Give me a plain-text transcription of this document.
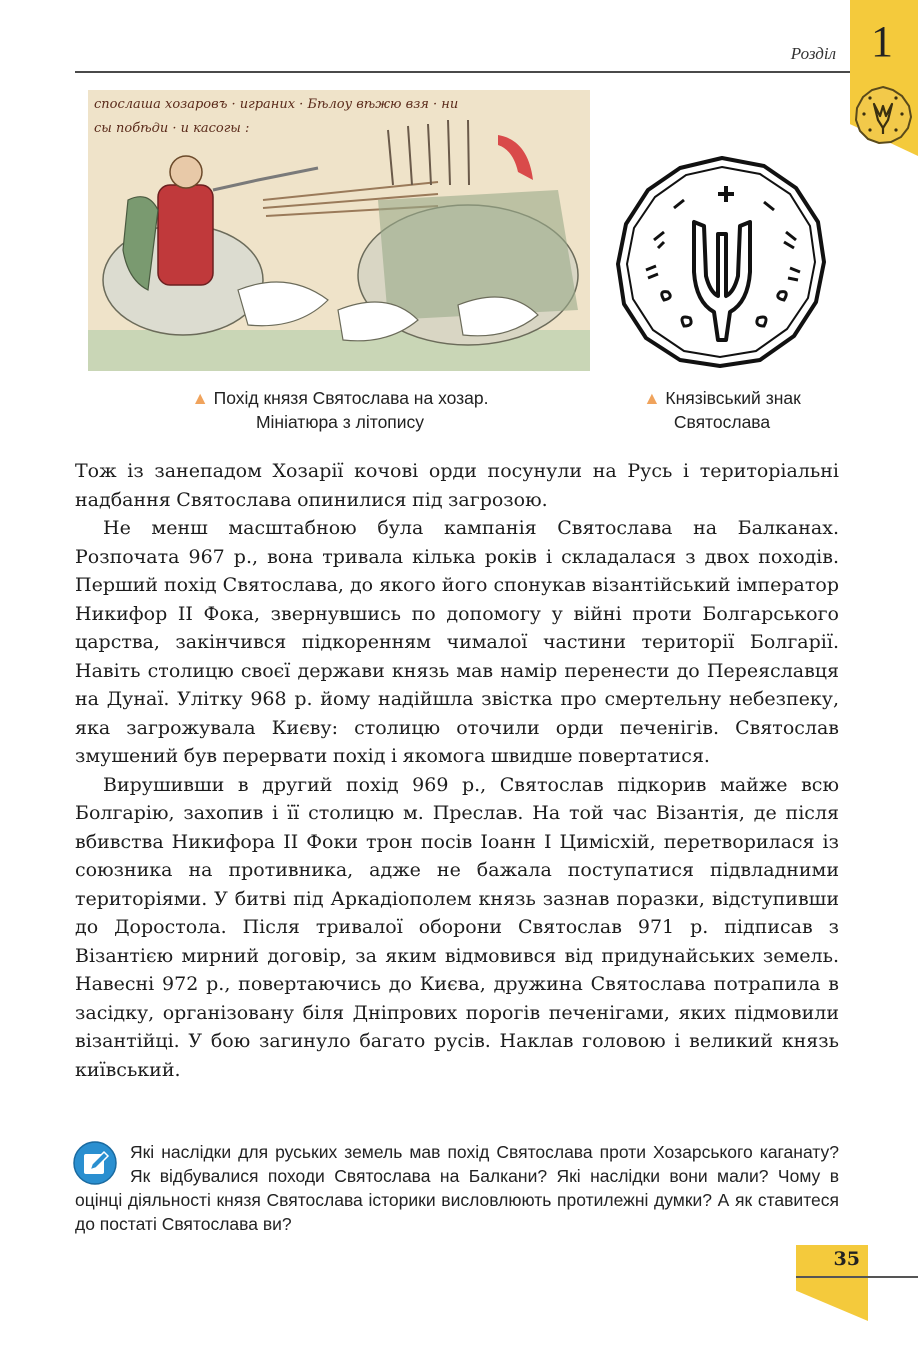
Розділ 1
спослаша хозаровъ · играних · Бѣлоу вѣжю взя · ни
сы побѣди · и касогы :
▲ Похід князя Святослава на хозар.
Мініатюра з літопису
▲ Князівський знак
Святослава

Тож із занепадом Хозарії кочові орди посунули на Русь і територіальні надбання Святослава опинилися під загрозою.

Не менш масштабною була кампанія Святослава на Балканах. Розпочата 967 р., вона тривала кілька років і складалася з двох походів. Перший похід Святослава, до якого його спонукав візантійський імператор Никифор ІІ Фока, звернувшись по допомогу у війні проти Болгарського царства, закінчився підкоренням чималої частини території Болгарії. Навіть столицю своєї держави князь мав намір перенести до Переяславця на Дунаї. Улітку 968 р. йому надійшла звістка про смертельну небезпеку, яка загрожувала Києву: столицю оточили орди печенігів. Святослав змушений був перервати похід і якомога швидше повертатися.

Вирушивши в другий похід 969 р., Святослав підкорив майже всю Болгарію, захопив і її столицю м. Преслав. На той час Візантія, де після вбивства Никифора ІІ Фоки трон посів Іоанн І Цимісхій, перетворилася із союзника на противника, адже не бажала поступатися підвладними територіями. У битві під Аркадіополем князь зазнав поразки, відступивши до Доростола. Після тривалої оборони Святослав 971 р. підписав з Візантією мирний договір, за яким відмовився від придунайських земель. Навесні 972 р., повертаючись до Києва, дружина Святослава потрапила в засідку, організовану біля Дніпрових порогів печенігами, яких підмовили візантійці. У бою загинуло багато русів. Наклав головою і великий князь київський.

Які наслідки для руських земель мав похід Святослава проти Хозарського каганату? Як відбувалися походи Святослава на Балкани? Які наслідки вони мали? Чому в оцінці діяльності князя Святослава історики висловлюють протилежні думки? А як ставитеся до постаті Святослава ви?
35
